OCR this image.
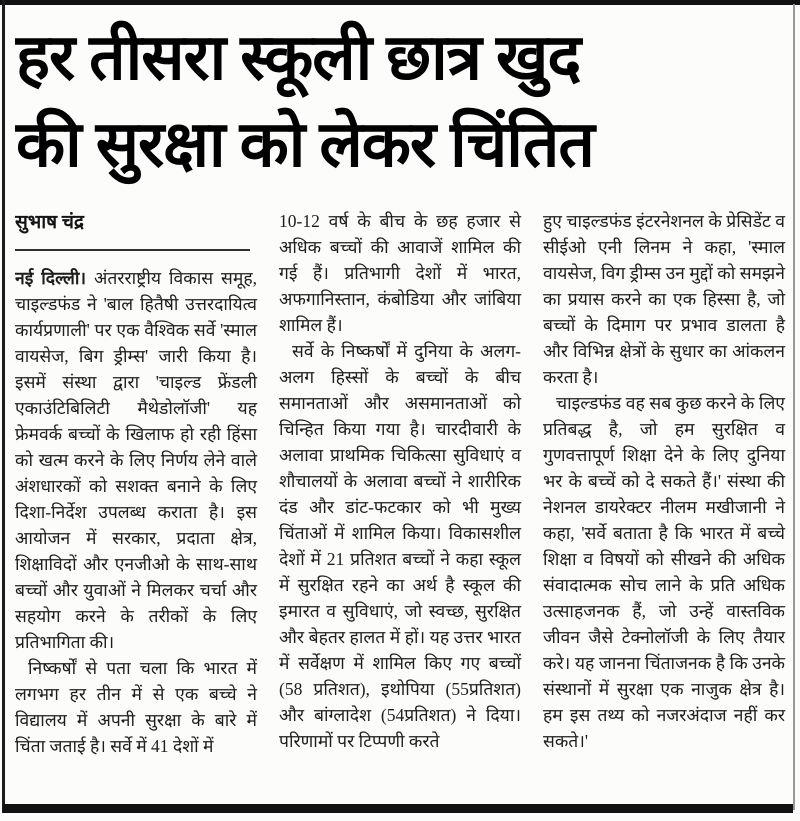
हर तीसरा स्कूली छात्र खुद
की सुरक्षा को लेकर चिंतित
सुभाष चंद्र

नई दिल्ली। अंतरराष्ट्रीय विकास समूह, चाइल्डफंड ने 'बाल हितैषी उत्तरदायित्व कार्यप्रणाली' पर एक वैश्विक सर्वे 'स्माल वायसेज, बिग ड्रीम्स' जारी किया है। इसमें संस्था द्वारा 'चाइल्ड फ्रेंडली एकाउंटिबिलिटी मैथेडोलॉजी' यह फ्रेमवर्क बच्चों के खिलाफ हो रही हिंसा को खत्म करने के लिए निर्णय लेने वाले अंशधारकों को सशक्त बनाने के लिए दिशा-निर्देश उपलब्ध कराता है। इस आयोजन में सरकार, प्रदाता क्षेत्र, शिक्षाविदों और एनजीओ के साथ-साथ बच्चों और युवाओं ने मिलकर चर्चा और सहयोग करने के तरीकों के लिए प्रतिभागिता की।

निष्कर्षों से पता चला कि भारत में लगभग हर तीन में से एक बच्चे ने विद्यालय में अपनी सुरक्षा के बारे में चिंता जताई है। सर्वे में 41 देशों में

10-12 वर्ष के बीच के छह हजार से अधिक बच्चों की आवाजें शामिल की गई हैं। प्रतिभागी देशों में भारत, अफगानिस्तान, कंबोडिया और जांबिया शामिल हैं।

सर्वे के निष्कर्षों में दुनिया के अलग-अलग हिस्सों के बच्चों के बीच समानताओं और असमानताओं को चिन्हित किया गया है। चारदीवारी के अलावा प्राथमिक चिकित्सा सुविधाएं व शौचालयों के अलावा बच्चों ने शारीरिक दंड और डांट-फटकार को भी मुख्य चिंताओं में शामिल किया। विकासशील देशों में 21 प्रतिशत बच्चों ने कहा स्कूल में सुरक्षित रहने का अर्थ है स्कूल की इमारत व सुविधाएं, जो स्वच्छ, सुरक्षित और बेहतर हालत में हों। यह उत्तर भारत में सर्वेक्षण में शामिल किए गए बच्चों (58 प्रतिशत), इथोपिया (55प्रतिशत) और बांग्लादेश (54प्रतिशत) ने दिया। परिणामों पर टिप्पणी करते

हुए चाइल्डफंड इंटरनेशनल के प्रेसिडेंट व सीईओ एनी लिनम ने कहा, 'स्माल वायसेज, विग ड्रीम्स उन मुद्दों को समझने का प्रयास करने का एक हिस्सा है, जो बच्चों के दिमाग पर प्रभाव डालता है और विभिन्न क्षेत्रों के सुधार का आंकलन करता है।

चाइल्डफंड वह सब कुछ करने के लिए प्रतिबद्ध है, जो हम सुरक्षित व गुणवत्तापूर्ण शिक्षा देने के लिए दुनिया भर के बच्चें को दे सकते हैं।' संस्था की नेशनल डायरेक्टर नीलम मखीजानी ने कहा, 'सर्वे बताता है कि भारत में बच्चे शिक्षा व विषयों को सीखने की अधिक संवादात्मक सोच लाने के प्रति अधिक उत्साहजनक हैं, जो उन्हें वास्तविक जीवन जैसे टेक्नोलॉजी के लिए तैयार करे। यह जानना चिंताजनक है कि उनके संस्थानों में सुरक्षा एक नाजुक क्षेत्र है। हम इस तथ्य को नजरअंदाज नहीं कर सकते।'
